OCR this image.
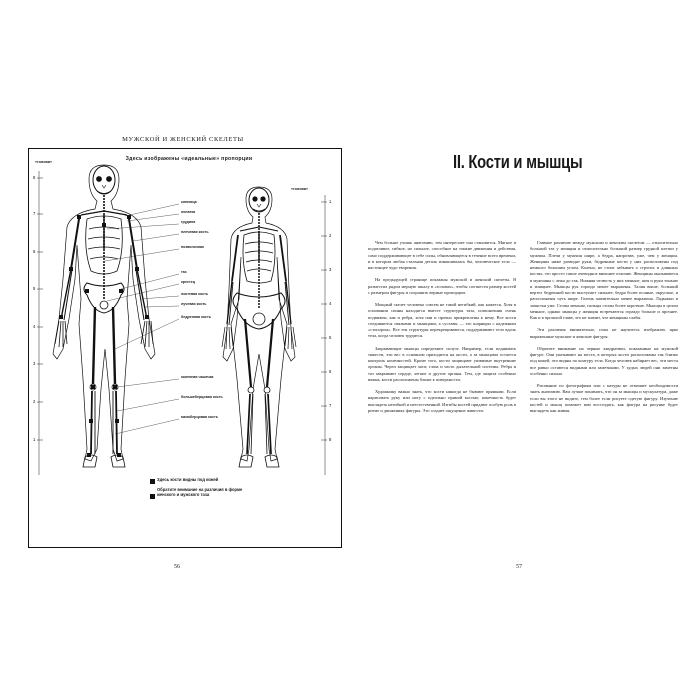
МУЖСКОЙ И ЖЕНСКИЙ СКЕЛЕТЫ
Здесь изображены «идеальные» пропорции
«голова»
«голова»
8
7
6
5
4
3
2
1
1
2
3
4
5
6
7
8
ключица
лопатка
грудина
плечевая кость
позвоночник
таз
крестец
локтевая кость
лучевая кость
бедренная кость
коленная чашечка
большеберцовая кость
малоберцовая кость
Здесь кости видны под кожей
Обратите внимание на различия в форме женского и мужского таза
56
II. Кости и мышцы

Чем больше учишь анатомию, тем интереснее она становится. Мягкое и податливое, гибкое, но сильное, способное на тонкие движения и действия, само поддерживающее в себе силы, обновляющееся в течение всего времени, и в котором любая стальная деталь изнашивалась бы, человеческое тело — настоящее чудо творения.

На предыдущей странице показаны мужской и женский скелеты. Я разместил рядом мерную шкалу в «головах», чтобы соотнести размер костей с размером фигуры и сохранить верные пропорции.

Мощный скелет человека совсем не такой негибкий, как кажется. Хотя в основании спины находятся вместе структуры таза, позвоночник очень подвижен, как и ребра, хотя они и прочно прикреплены к нему. Все кости соединяются связками и мышцами, а суставы — это шарниры с надежным «стопором». Все эти структуры перекрещиваются, поддерживают тело вдоль тела, когда человек трудится.

Закрывающие мышцы определяют силуэт. Например, если поднимать тяжести, эти вес в основном приходится на кости, а за мышцами остается контроль конечностей. Кроме того, кости защищают уязвимые внутренние органы. Череп защищает мозг, глаза и часть дыхательной системы. Ребра и таз закрывают сердце, легкие и другие органы. Тем, где защита особенно важна, кости расположены ближе к поверхности.

Художнику важно знать, что кости никогда не бывают прямыми. Если нарисовать руку или ногу с идеально прямой костью, конечность будет выглядеть негибкой и неестественной. Изгибы костей придают особую роль в ритме и движениях фигуры. Это создает ощущение живости.

Главное различие между мужским и женским скелетом — относительно большой таз у женщин и относительно больший размер грудной клетки у мужчин. Плечи у мужчин шире, а бедра, напротив, уже, чем у женщин. Женщины ниже разводят руки, бедренные кости у них расположены под немного большим углом. Колено, не стоит забывать о строгих и длинных костях, это просто самое очевидное внешнее отличие. Женщины оказываются в мужчины с лежа до так. Нижняя челюсть у них меньше, шея и руки тоньше и изящнее. Мышцы рук гораздо менее выражены. Талия выше, больший вертел бедренной кости выступает сильнее, бедра более полные, округлые, и расположены чуть шире. Голень значительно менее выражена. Лодыжки и запястья уже. Стопы меньше, пальцы стопы более короткие. Мышцы в целом меньше, однако мышцы у женщин встречаются гораздо больше и прочнее. Как и в прошлой главе, это не значит, что женщины слабы.

Эти различия внимательно, пока не научитесь изображать ярко выраженные мужские и женские фигуры.

Обратите внимание на черные квадратики, показанные на мужской фигуре. Они указывают на места, в которых кости расположены так близко под кожей, что видны по контуру тела. Когда человек набирает вес, эти места все равно остаются видными или заметными. У худых людей они заметны особенно сильно.

Рисование по фотографиям или с натуры не отменяет необходимости знать анатомию. Вам лучше понимать, что он за мышцы и мускулатура, даже если вы этого не видите, тем более если рисуете одетую фигуру. Изучение костей и мышц поможет вам воссоздать, как фигура на рисунке будет выглядеть как живая.

57
